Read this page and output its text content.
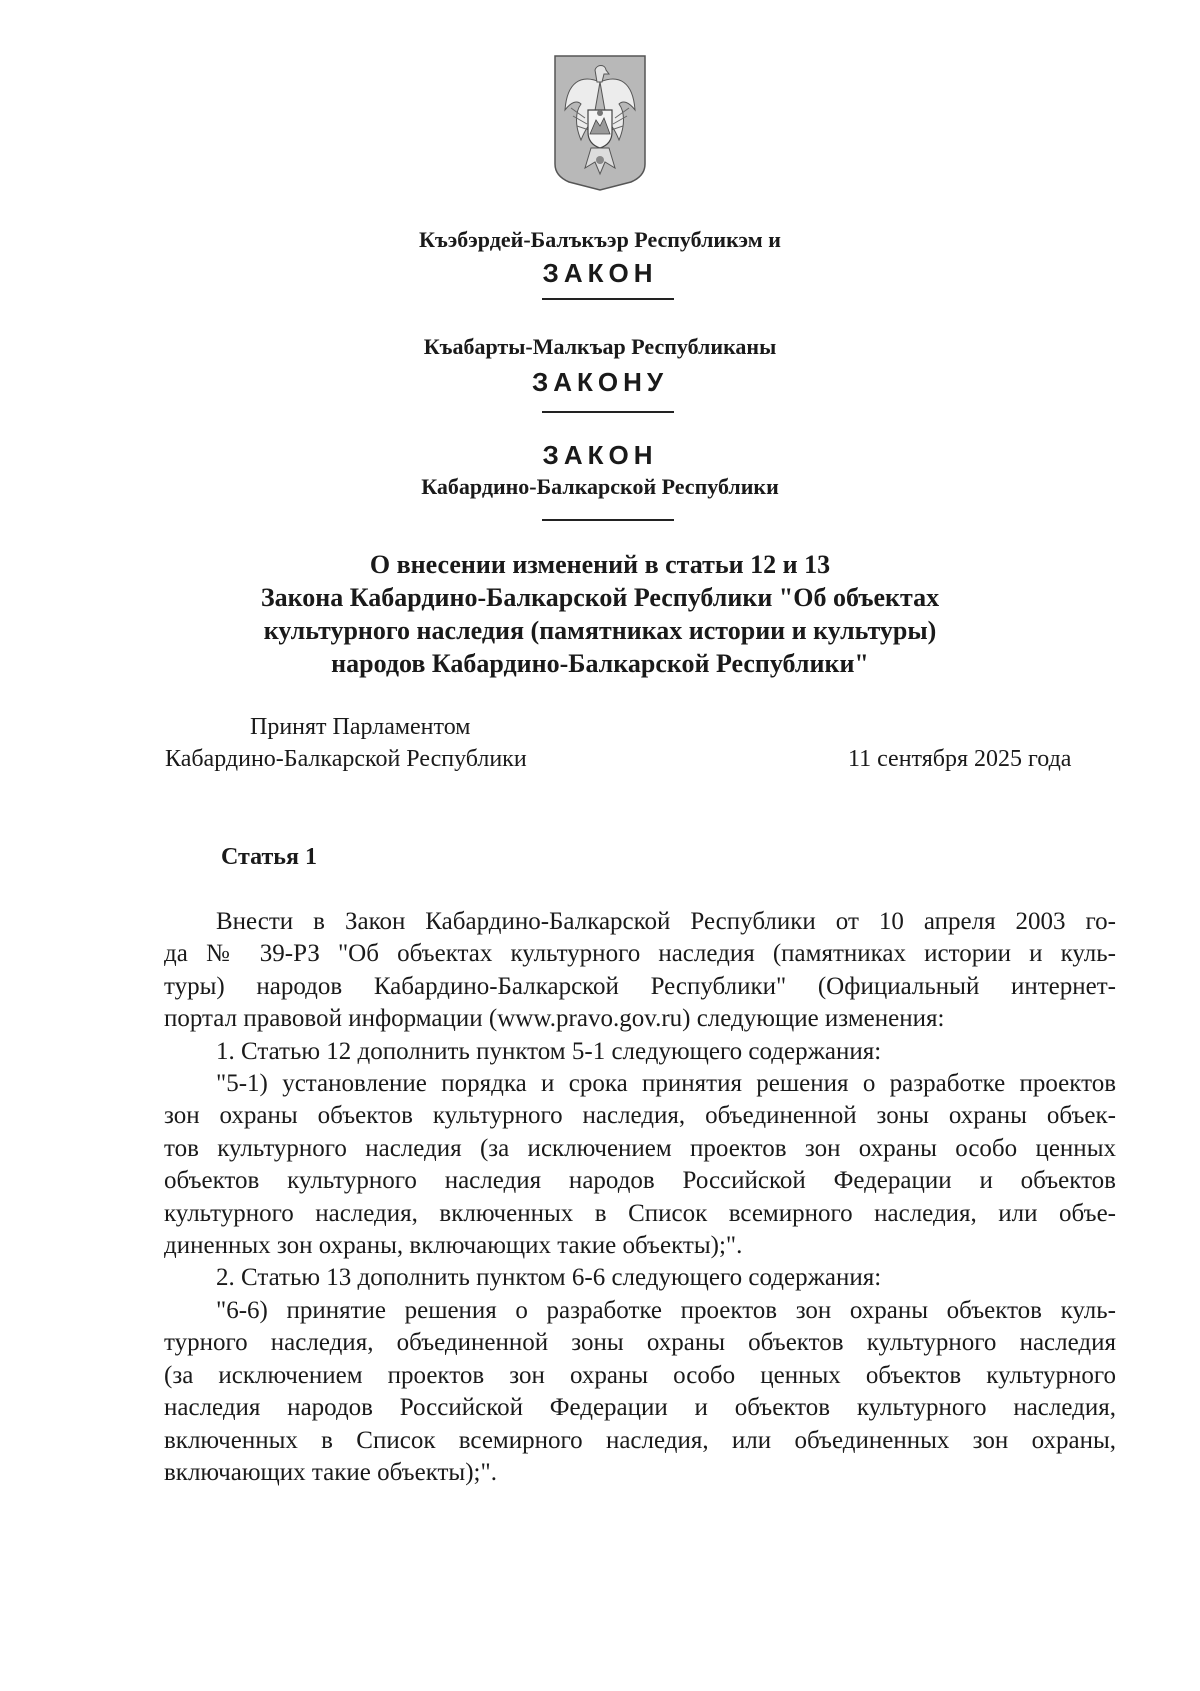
Къэбэрдей-Балъкъэр Республикэм и
ЗАКОН
Къабарты-Малкъар Республиканы
ЗАКОНУ
ЗАКОН
Кабардино-Балкарской Республики
О внесении изменений в статьи 12 и 13
Закона Кабардино-Балкарской Республики "Об объектах
культурного наследия (памятниках истории и культуры)
народов Кабардино-Балкарской Республики"
Принят Парламентом
Кабардино-Балкарской Республики	11 сентября 2025 года
Статья 1

Внести в Закон Кабардино-Балкарской Республики от 10 апреля 2003 го-

да № 39-РЗ "Об объектах культурного наследия (памятниках истории и куль-

туры) народов Кабардино-Балкарской Республики" (Официальный интернет-

портал правовой информации (www.pravo.gov.ru) следующие изменения:

1. Статью 12 дополнить пунктом 5-1 следующего содержания:

"5-1) установление порядка и срока принятия решения о разработке проектов

зон охраны объектов культурного наследия, объединенной зоны охраны объек-

тов культурного наследия (за исключением проектов зон охраны особо ценных

объектов культурного наследия народов Российской Федерации и объектов

культурного наследия, включенных в Список всемирного наследия, или объе-

диненных зон охраны, включающих такие объекты);".

2. Статью 13 дополнить пунктом 6-6 следующего содержания:

"6-6) принятие решения о разработке проектов зон охраны объектов куль-

турного наследия, объединенной зоны охраны объектов культурного наследия

(за исключением проектов зон охраны особо ценных объектов культурного

наследия народов Российской Федерации и объектов культурного наследия,

включенных в Список всемирного наследия, или объединенных зон охраны,

включающих такие объекты);".
